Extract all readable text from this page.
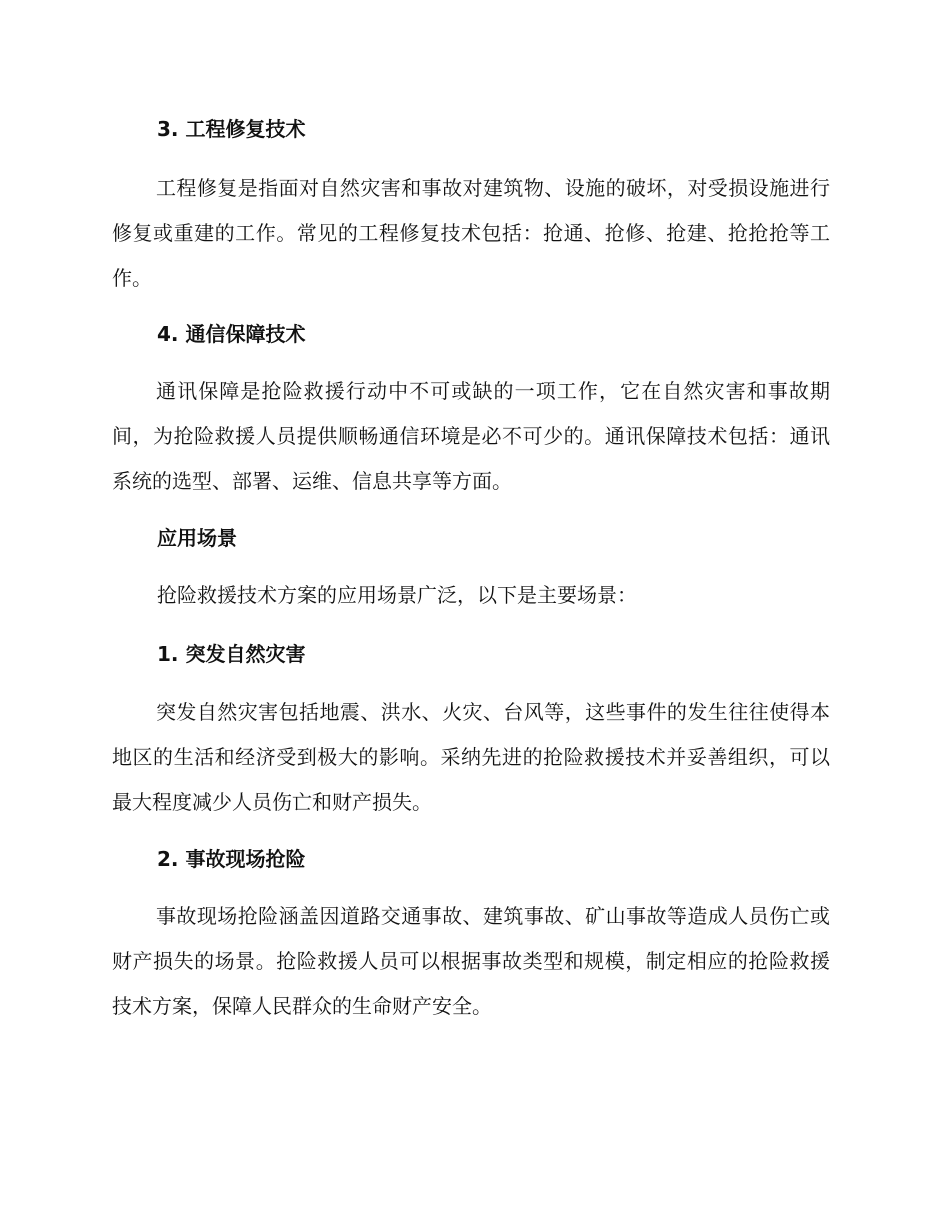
3. 工程修复技术

工程修复是指面对自然灾害和事故对建筑物、设施的破坏，对受损设施进行修复或重建的工作。常见的工程修复技术包括：抢通、抢修、抢建、抢抢抢等工作。

4. 通信保障技术

通讯保障是抢险救援行动中不可或缺的一项工作，它在自然灾害和事故期间，为抢险救援人员提供顺畅通信环境是必不可少的。通讯保障技术包括：通讯系统的选型、部署、运维、信息共享等方面。

应用场景

抢险救援技术方案的应用场景广泛，以下是主要场景：

1. 突发自然灾害

突发自然灾害包括地震、洪水、火灾、台风等，这些事件的发生往往使得本地区的生活和经济受到极大的影响。采纳先进的抢险救援技术并妥善组织，可以最大程度减少人员伤亡和财产损失。

2. 事故现场抢险

事故现场抢险涵盖因道路交通事故、建筑事故、矿山事故等造成人员伤亡或财产损失的场景。抢险救援人员可以根据事故类型和规模，制定相应的抢险救援技术方案，保障人民群众的生命财产安全。
